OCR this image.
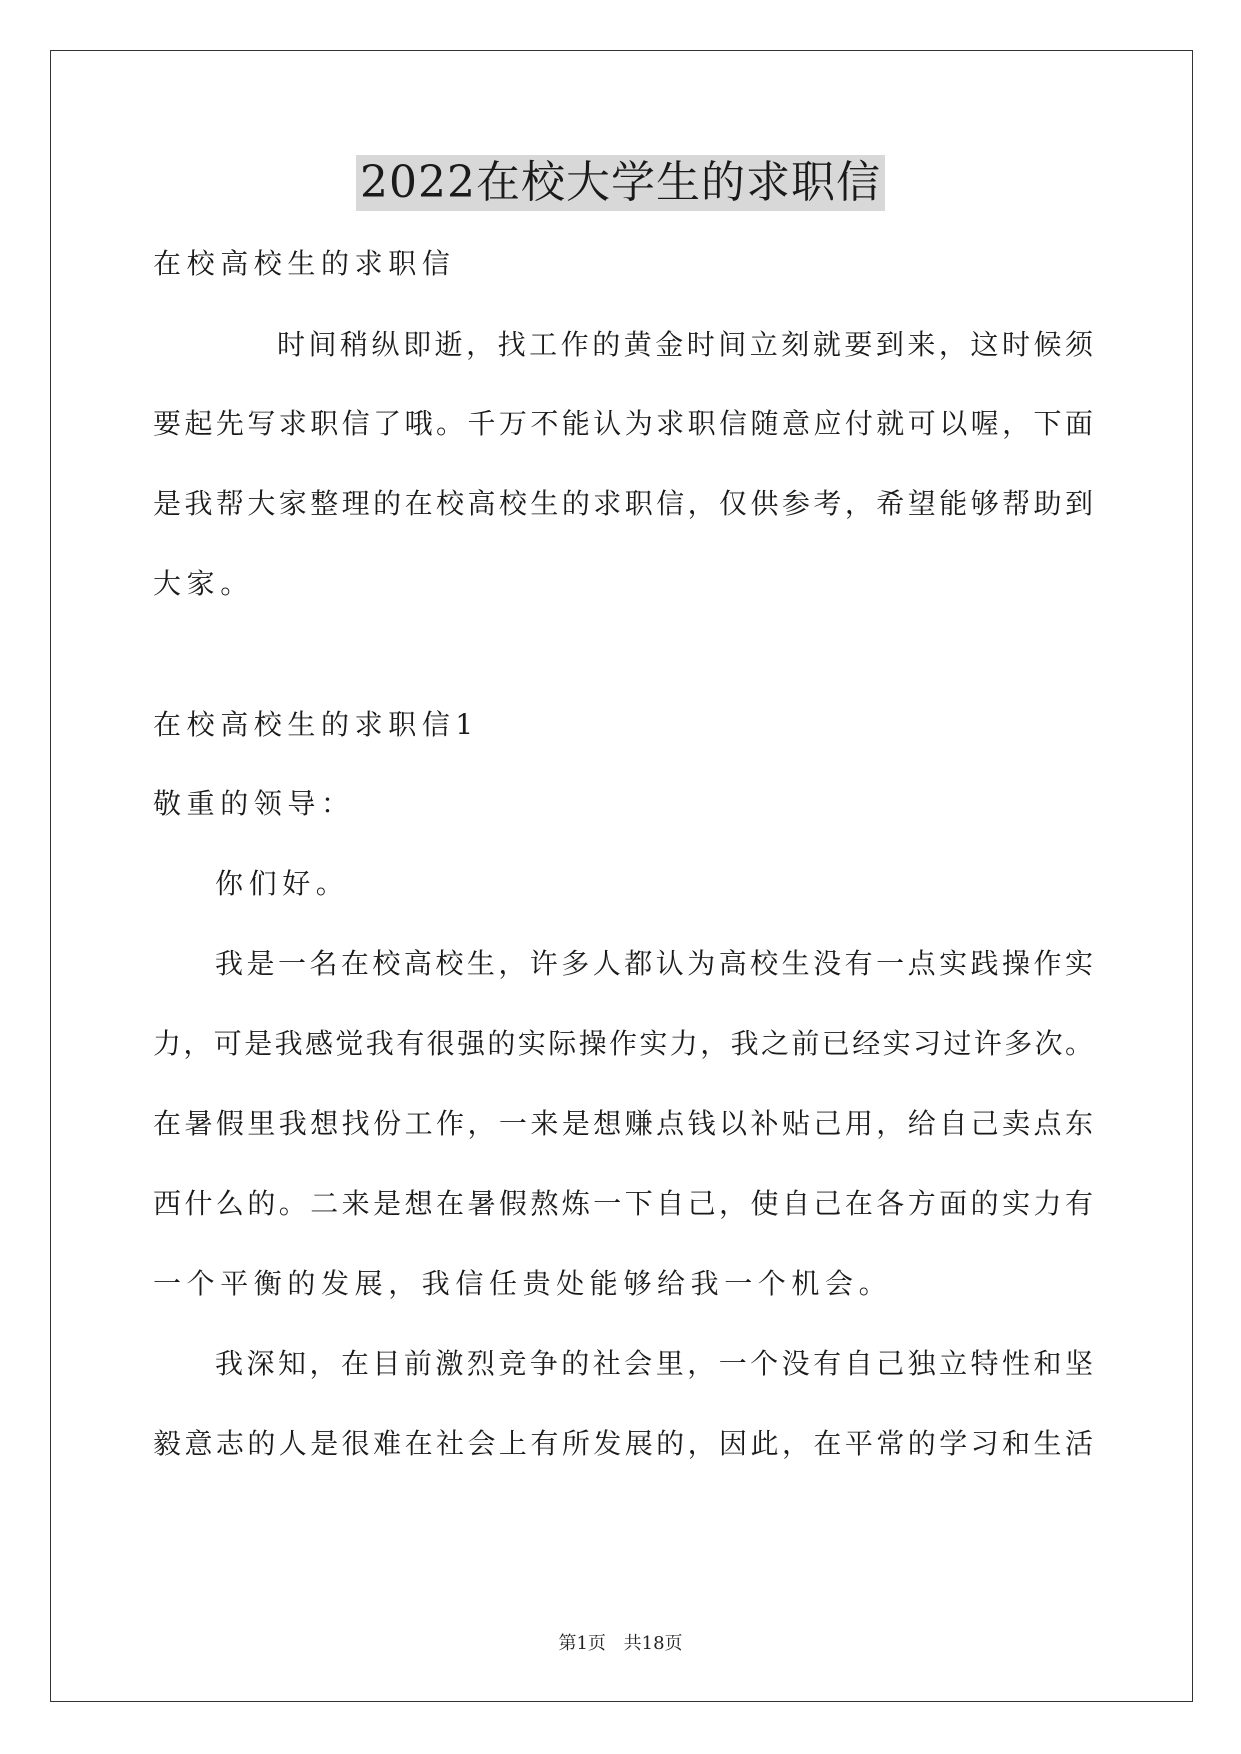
2022在校大学生的求职信
在校高校生的求职信
时间稍纵即逝，找工作的黄金时间立刻就要到来，这时候须
要起先写求职信了哦。千万不能认为求职信随意应付就可以喔，下面
是我帮大家整理的在校高校生的求职信，仅供参考，希望能够帮助到
大家。
在校高校生的求职信1
敬重的领导：
你们好。
我是一名在校高校生，许多人都认为高校生没有一点实践操作实
力，可是我感觉我有很强的实际操作实力，我之前已经实习过许多次。
在暑假里我想找份工作，一来是想赚点钱以补贴己用，给自己卖点东
西什么的。二来是想在暑假熬炼一下自己，使自己在各方面的实力有
一个平衡的发展，我信任贵处能够给我一个机会。
我深知，在目前激烈竞争的社会里，一个没有自己独立特性和坚
毅意志的人是很难在社会上有所发展的，因此，在平常的学习和生活
第1页 共18页
